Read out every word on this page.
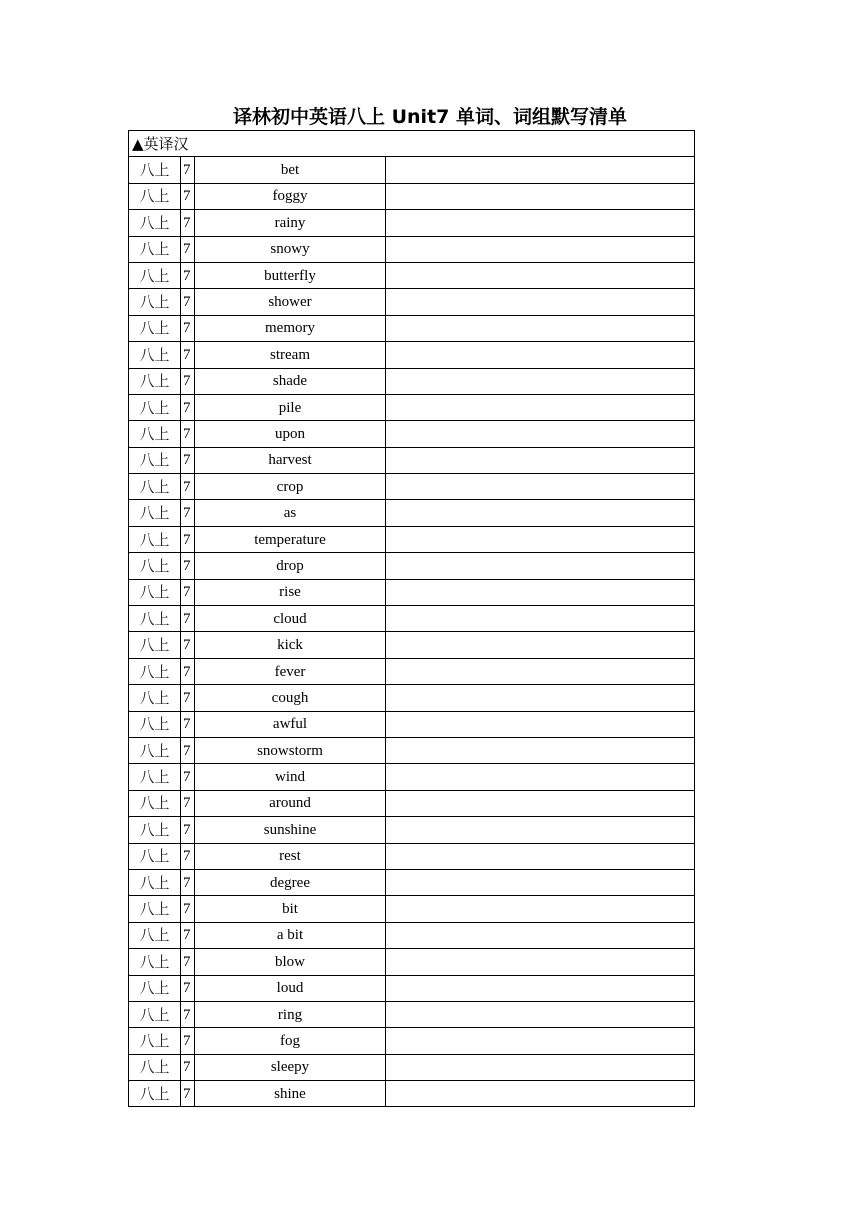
译林初中英语八上 Unit7 单词、词组默写清单
▲英译汉			
八上	7	bet	
八上	7	foggy	
八上	7	rainy	
八上	7	snowy	
八上	7	butterfly	
八上	7	shower	
八上	7	memory	
八上	7	stream	
八上	7	shade	
八上	7	pile	
八上	7	upon	
八上	7	harvest	
八上	7	crop	
八上	7	as	
八上	7	temperature	
八上	7	drop	
八上	7	rise	
八上	7	cloud	
八上	7	kick	
八上	7	fever	
八上	7	cough	
八上	7	awful	
八上	7	snowstorm	
八上	7	wind	
八上	7	around	
八上	7	sunshine	
八上	7	rest	
八上	7	degree	
八上	7	bit	
八上	7	a bit	
八上	7	blow	
八上	7	loud	
八上	7	ring	
八上	7	fog	
八上	7	sleepy	
八上	7	shine	
